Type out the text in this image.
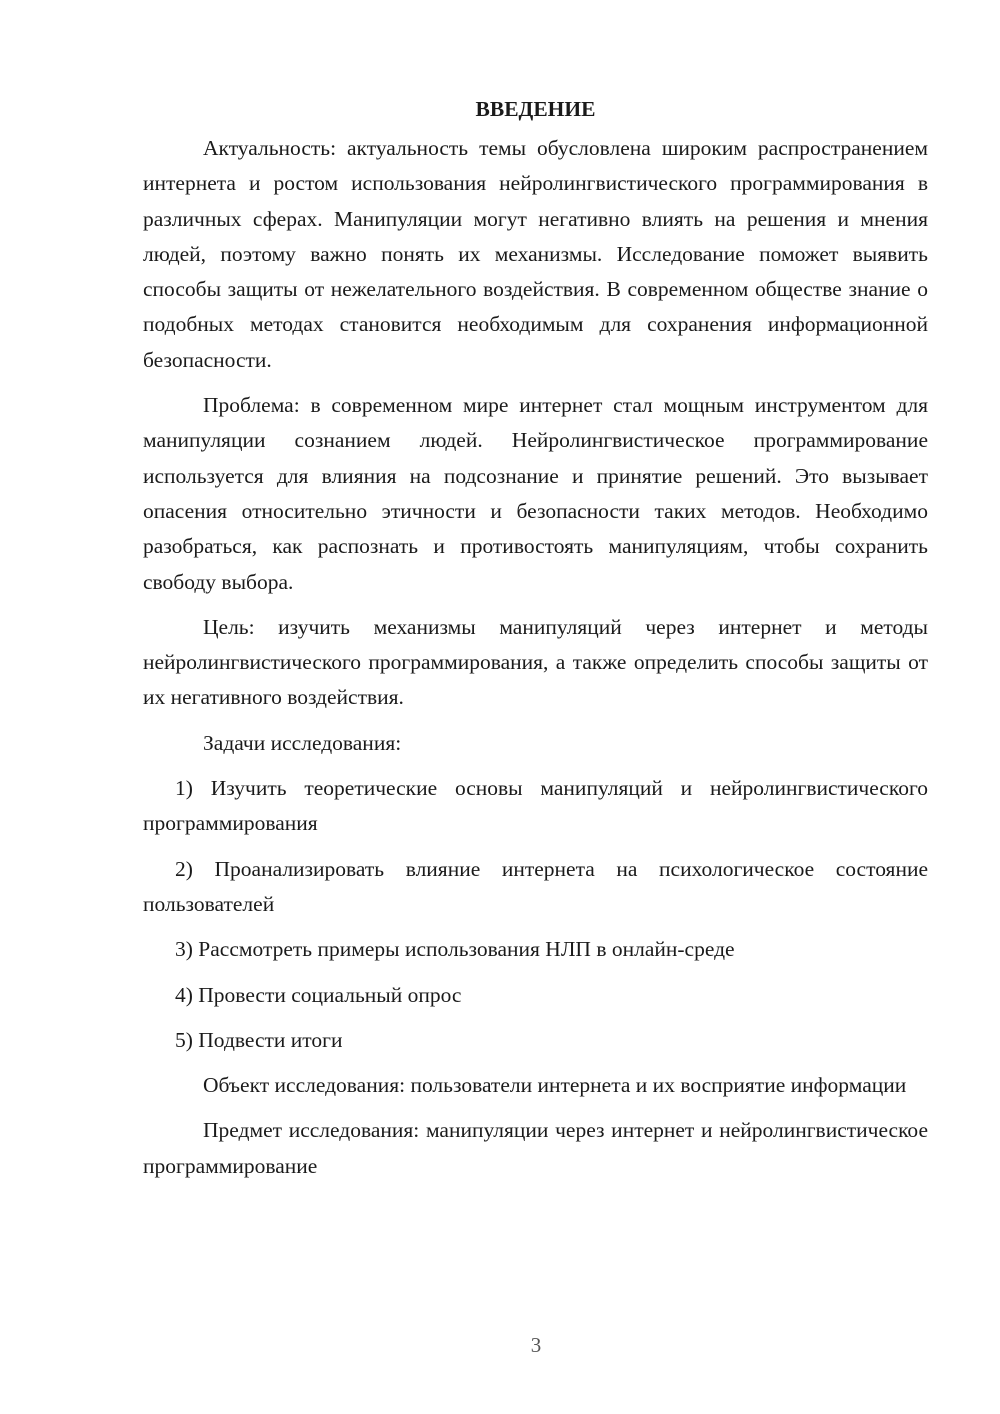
ВВЕДЕНИЕ

Актуальность: актуальность темы обусловлена широким распространением интернета и ростом использования нейролингвистического программирования в различных сферах. Манипуляции могут негативно влиять на решения и мнения людей, поэтому важно понять их механизмы. Исследование поможет выявить способы защиты от нежелательного воздействия. В современном обществе знание о подобных методах становится необходимым для сохранения информационной безопасности.

Проблема: в современном мире интернет стал мощным инструментом для манипуляции сознанием людей. Нейролингвистическое программирование используется для влияния на подсознание и принятие решений. Это вызывает опасения относительно этичности и безопасности таких методов. Необходимо разобраться, как распознать и противостоять манипуляциям, чтобы сохранить свободу выбора.

Цель: изучить механизмы манипуляций через интернет и методы нейролингвистического программирования, а также определить способы защиты от их негативного воздействия.

Задачи исследования:

1) Изучить теоретические основы манипуляций и нейролингвистического программирования

2) Проанализировать влияние интернета на психологическое состояние пользователей

3) Рассмотреть примеры использования НЛП в онлайн-среде

4) Провести социальный опрос

5) Подвести итоги

Объект исследования: пользователи интернета и их восприятие информации

Предмет исследования: манипуляции через интернет и нейролингвистическое программирование

3
